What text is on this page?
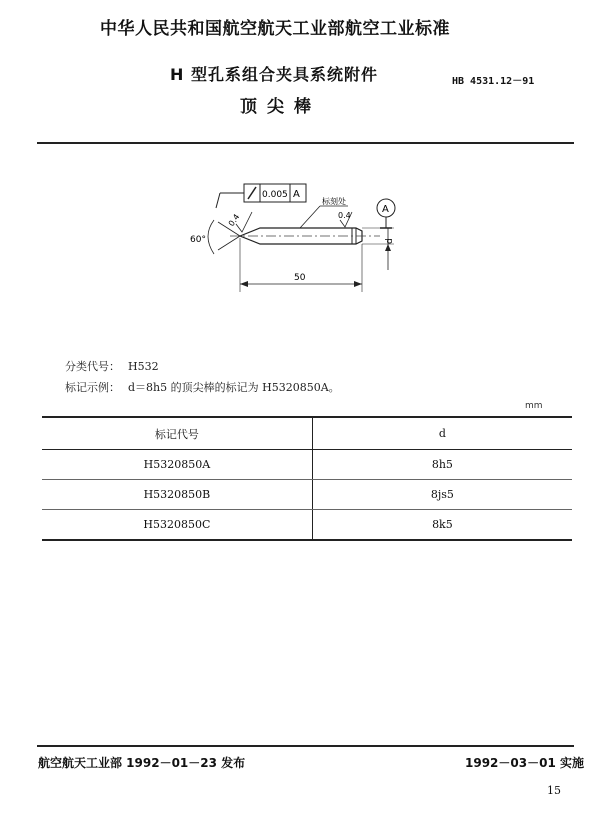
中华人民共和国航空航天工业部航空工业标准
H 型孔系组合夹具系统附件
顶尖棒
HB 4531.12－91
0.005 A
60°
0.4
标刻处
0.4
A
d
50
分类代号： H532
标记示例： d＝8h5 的顶尖棒的标记为 H5320850A。
mm
标记代号	d
H5320850A	8h5
H5320850B	8js5
H5320850C	8k5
航空航天工业部 1992－01－23 发布	1992－03－01 实施
15
